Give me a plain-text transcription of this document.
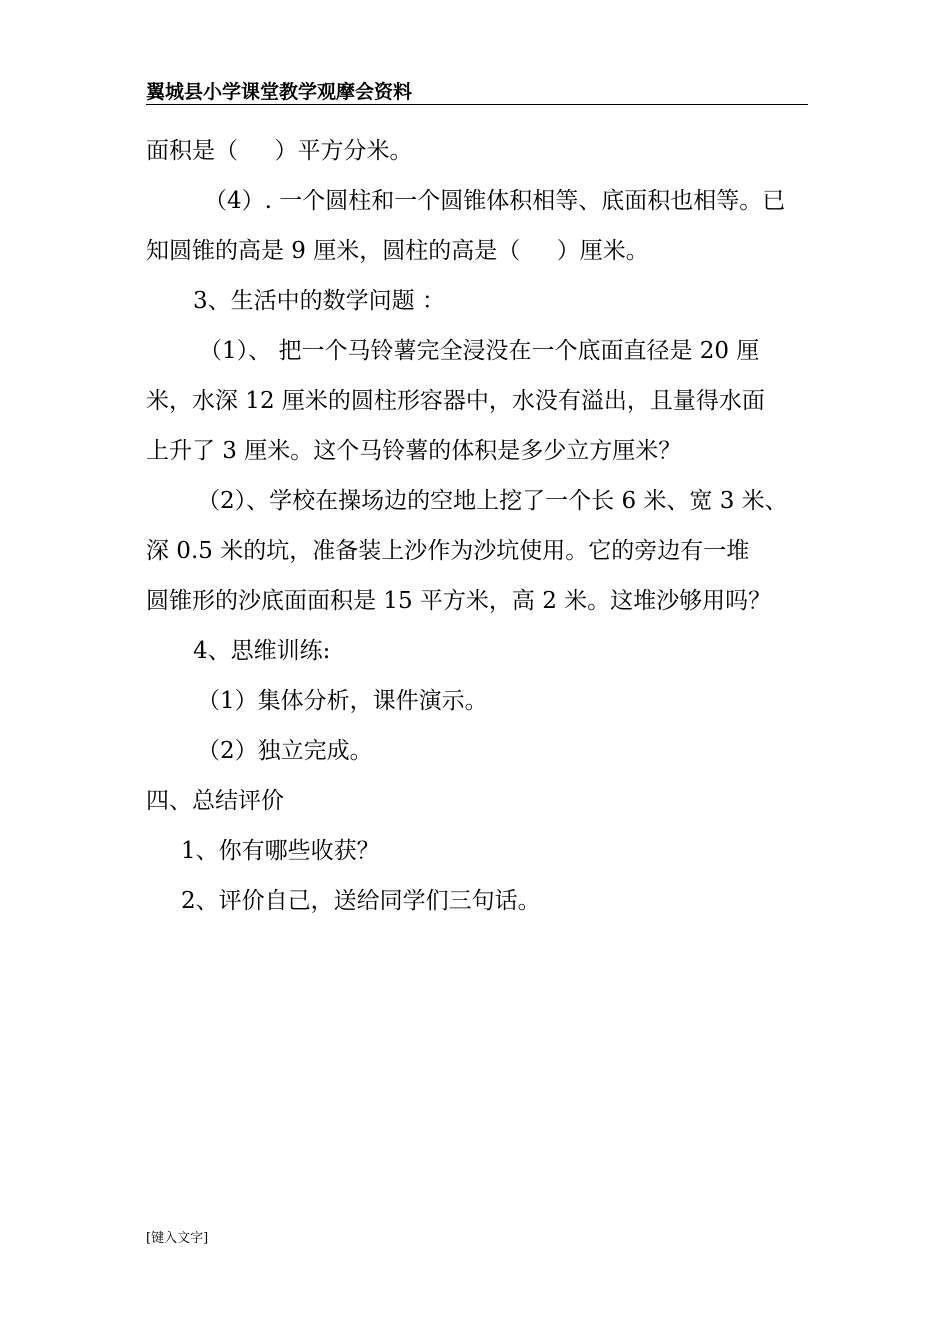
翼城县小学课堂教学观摩会资料
面积是（     ）平方分米。
（4）. 一个圆柱和一个圆锥体积相等、底面积也相等。已
知圆锥的高是 9 厘米，圆柱的高是（     ）厘米。
3、生活中的数学问题 ：
（1）、 把一个马铃薯完全浸没在一个底面直径是 20 厘
米，水深 12 厘米的圆柱形容器中，水没有溢出，且量得水面
上升了 3 厘米。这个马铃薯的体积是多少立方厘米？
（2）、学校在操场边的空地上挖了一个长 6 米、宽 3 米、
深 0.5 米的坑，准备装上沙作为沙坑使用。它的旁边有一堆
圆锥形的沙底面面积是 15 平方米，高 2 米。这堆沙够用吗？
4、思维训练:
（1）集体分析，课件演示。
（2）独立完成。
四、总结评价
1、你有哪些收获？
2、评价自己，送给同学们三句话。
[键入文字]
